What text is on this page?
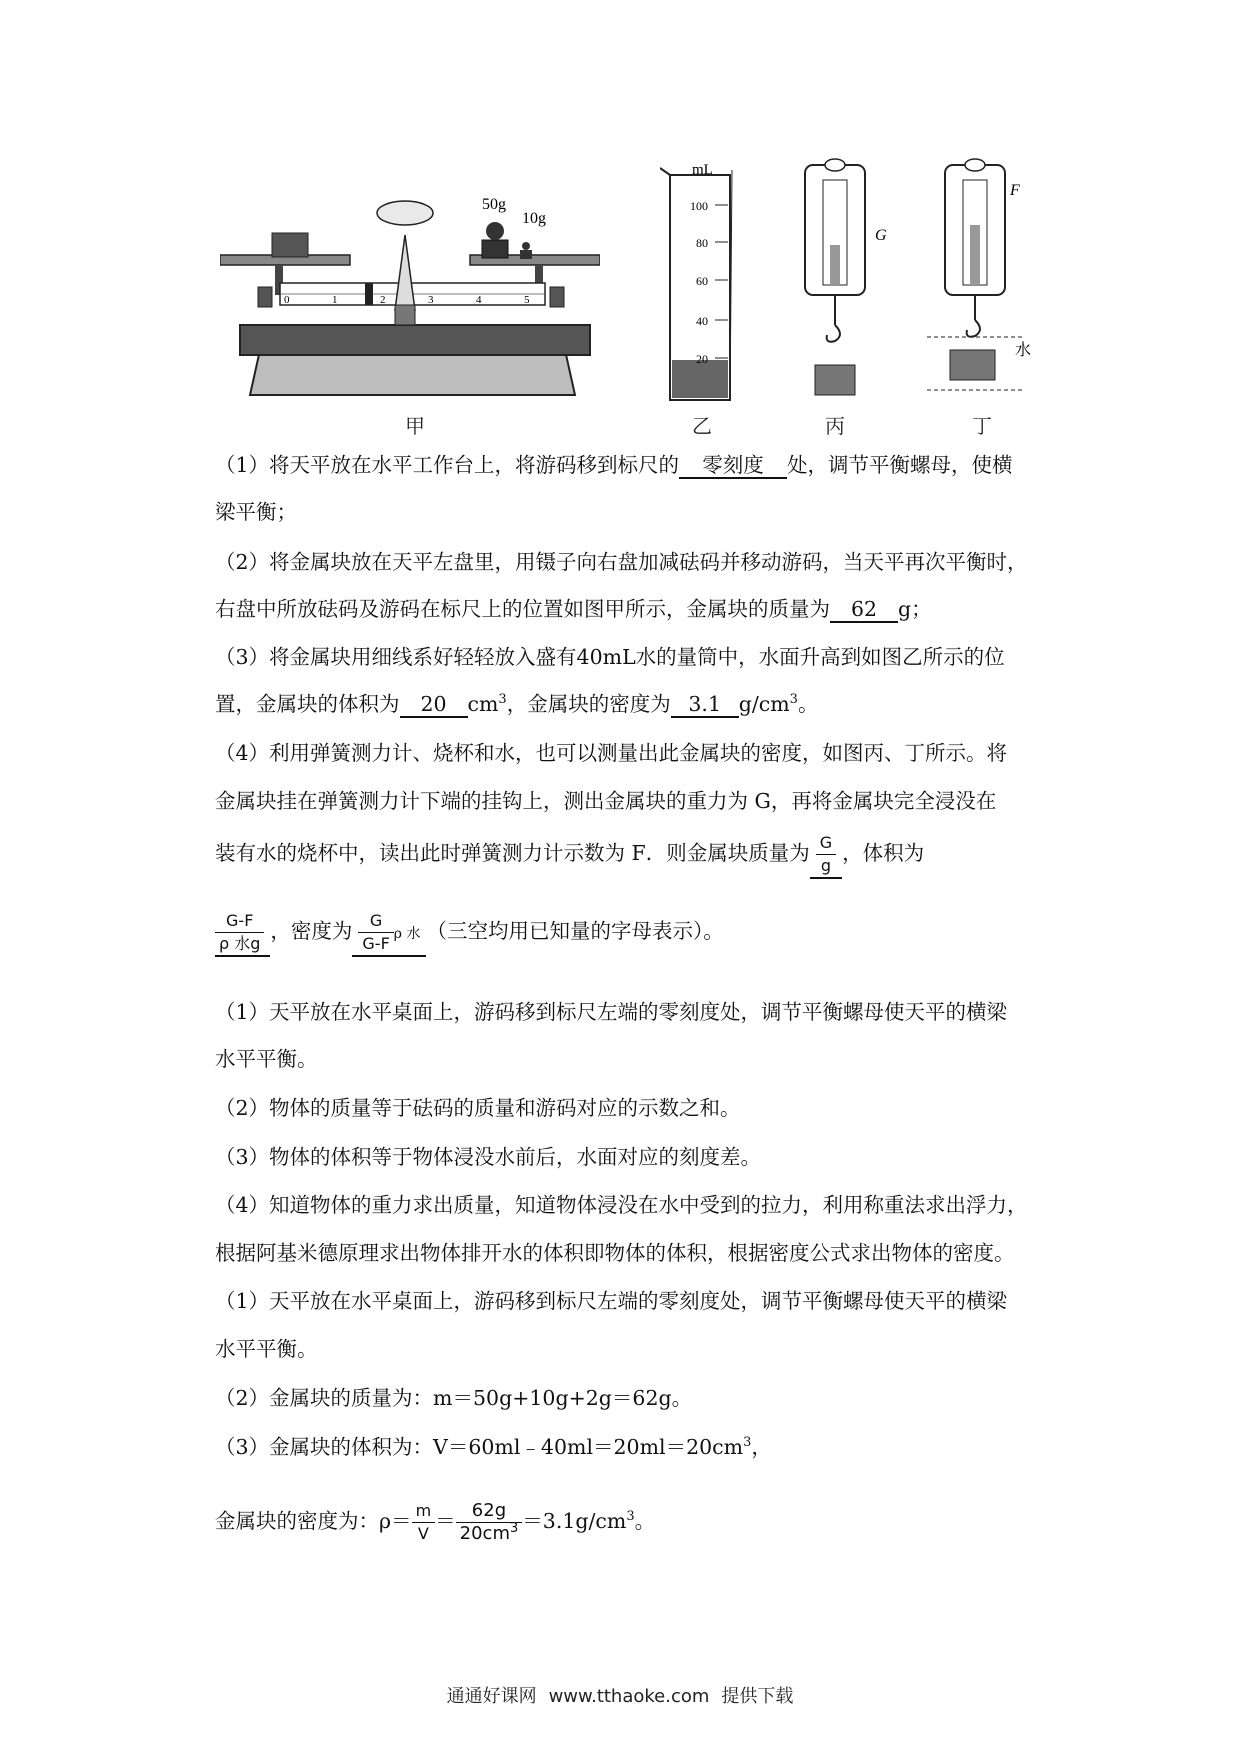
50g
10g
0	1	2	3	4	5
甲
mL
100
80
60
40
20
乙
G
丙
F
水
丁
（1）将天平放在水平工作台上，将游码移到标尺的 零刻度 处，调节平衡螺母，使横
梁平衡；
（2）将金属块放在天平左盘里，用镊子向右盘加减砝码并移动游码，当天平再次平衡时，
右盘中所放砝码及游码在标尺上的位置如图甲所示，金属块的质量为 62 g；
（3）将金属块用细线系好轻轻放入盛有40mL水的量筒中，水面升高到如图乙所示的位
置，金属块的体积为 20 $cm^3$，金属块的密度为 3.1 $g/cm^3$。
（4）利用弹簧测力计、烧杯和水，也可以测量出此金属块的密度，如图丙、丁所示。将
金属块挂在弹簧测力计下端的挂钩上，测出金属块的重力为 G，再将金属块完全浸没在
装有水的烧杯中，读出此时弹簧测力计示数为 F．则金属块质量为 $\frac{G}{g}$ ，体积为
$\frac{G-F}{\text{ρ 水g}}$ ，密度为 $\frac{G}{G-F}$ ρ 水 （三空均用已知量的字母表示）。
（1）天平放在水平桌面上，游码移到标尺左端的零刻度处，调节平衡螺母使天平的横梁
水平平衡。
（2）物体的质量等于砝码的质量和游码对应的示数之和。
（3）物体的体积等于物体浸没水前后，水面对应的刻度差。
（4）知道物体的重力求出质量，知道物体浸没在水中受到的拉力，利用称重法求出浮力，
根据阿基米德原理求出物体排开水的体积即物体的体积，根据密度公式求出物体的密度。
（1）天平放在水平桌面上，游码移到标尺左端的零刻度处，调节平衡螺母使天平的横梁
水平平衡。
（2）金属块的质量为：m＝50g+10g+2g＝62g。
（3）金属块的体积为：$V=60ml﹣40ml=20ml=20cm^3$，
金属块的密度为：$\rho= \frac{m}{V} = \frac{62g}{20cm^3} =3.1g/cm^3$。
通通好课网 www.tthaoke.com 提供下载
